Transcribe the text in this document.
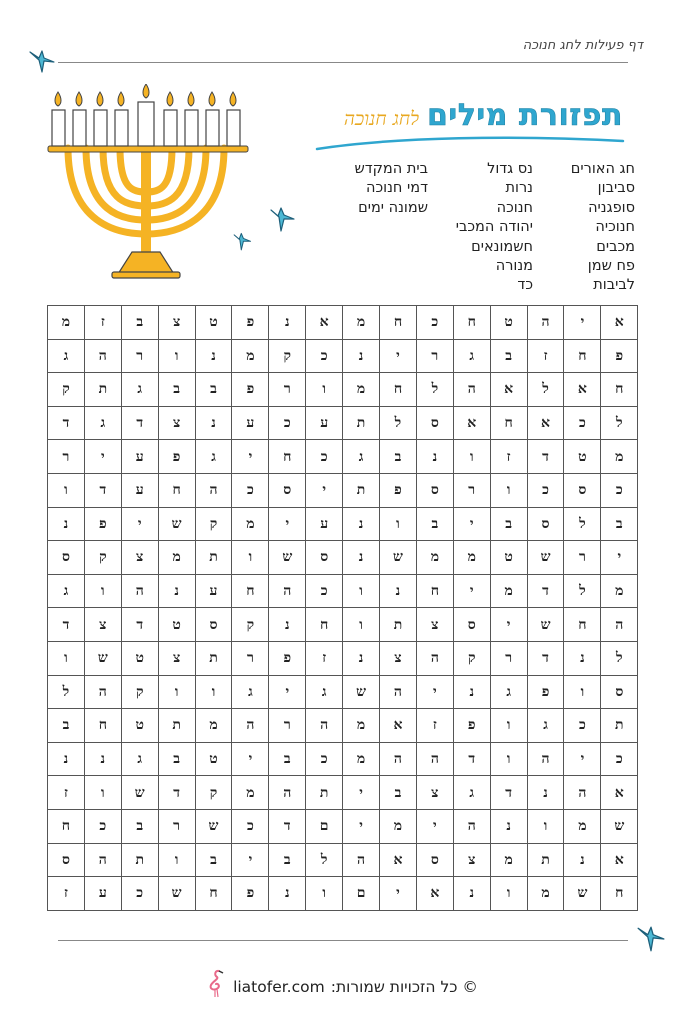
דף פעילות לחג חנוכה
תפזורת מיליםלחג חנוכה
חג האורים
סביבון
סופגניה
חנוכיה
מכבים
פח שמן
לביבות
נס גדול
נרות
חנוכה
יהודה המכבי
חשמונאים
מנורה
כד
בית המקדש
דמי חנוכה
שמונה ימים
א	י	ה	ט	ח	כ	ח	מ	א	נ	פ	ט	צ	ב	ז	מ
פ	ח	ז	ב	ג	ר	י	נ	כ	ק	מ	נ	ו	ר	ה	ג
ח	א	ל	א	ה	ל	ח	מ	ו	ר	פ	ב	ב	ג	ת	ק
ל	כ	א	ח	א	ס	ל	ת	ע	כ	ע	נ	צ	ד	ג	ד
מ	ט	ד	ז	ו	נ	ב	ג	כ	ח	י	ג	פ	ע	י	ר
כ	ס	כ	ו	ר	ס	פ	ת	י	ס	כ	ה	ח	ע	ד	ו
ב	ל	ס	ב	י	ב	ו	נ	ע	י	מ	ק	ש	י	פ	נ
י	ר	ש	ט	מ	מ	ש	נ	ס	ש	ו	ת	מ	צ	ק	ס
מ	ל	ד	מ	י	ח	נ	ו	כ	ה	ח	ע	נ	ה	ו	ג
ה	ח	ש	י	ס	צ	ת	ו	ח	נ	ק	ס	ט	ד	צ	ד
ל	נ	ד	ר	ק	ה	צ	נ	ז	פ	ר	ת	צ	ט	ש	ו
ס	ו	פ	ג	נ	י	ה	ש	ג	י	ג	ו	ו	ק	ה	ל
ת	כ	ג	ו	פ	ז	א	מ	ה	ר	ה	מ	ת	ט	ח	ב
כ	י	ה	ו	ד	ה	ה	מ	כ	ב	י	ט	ב	ג	נ	נ
א	ה	נ	ד	ג	צ	ב	י	ת	ה	מ	ק	ד	ש	ו	ז
ש	מ	ו	נ	ה	י	מ	י	ם	ד	כ	ש	ר	ב	כ	ח
א	נ	ת	מ	צ	ס	א	ה	ל	ב	י	ב	ו	ת	ה	ס
ח	ש	מ	ו	נ	א	י	ם	ו	נ	פ	ח	ש	כ	ע	ז
liatofer.com © כל הזכויות שמורות:
